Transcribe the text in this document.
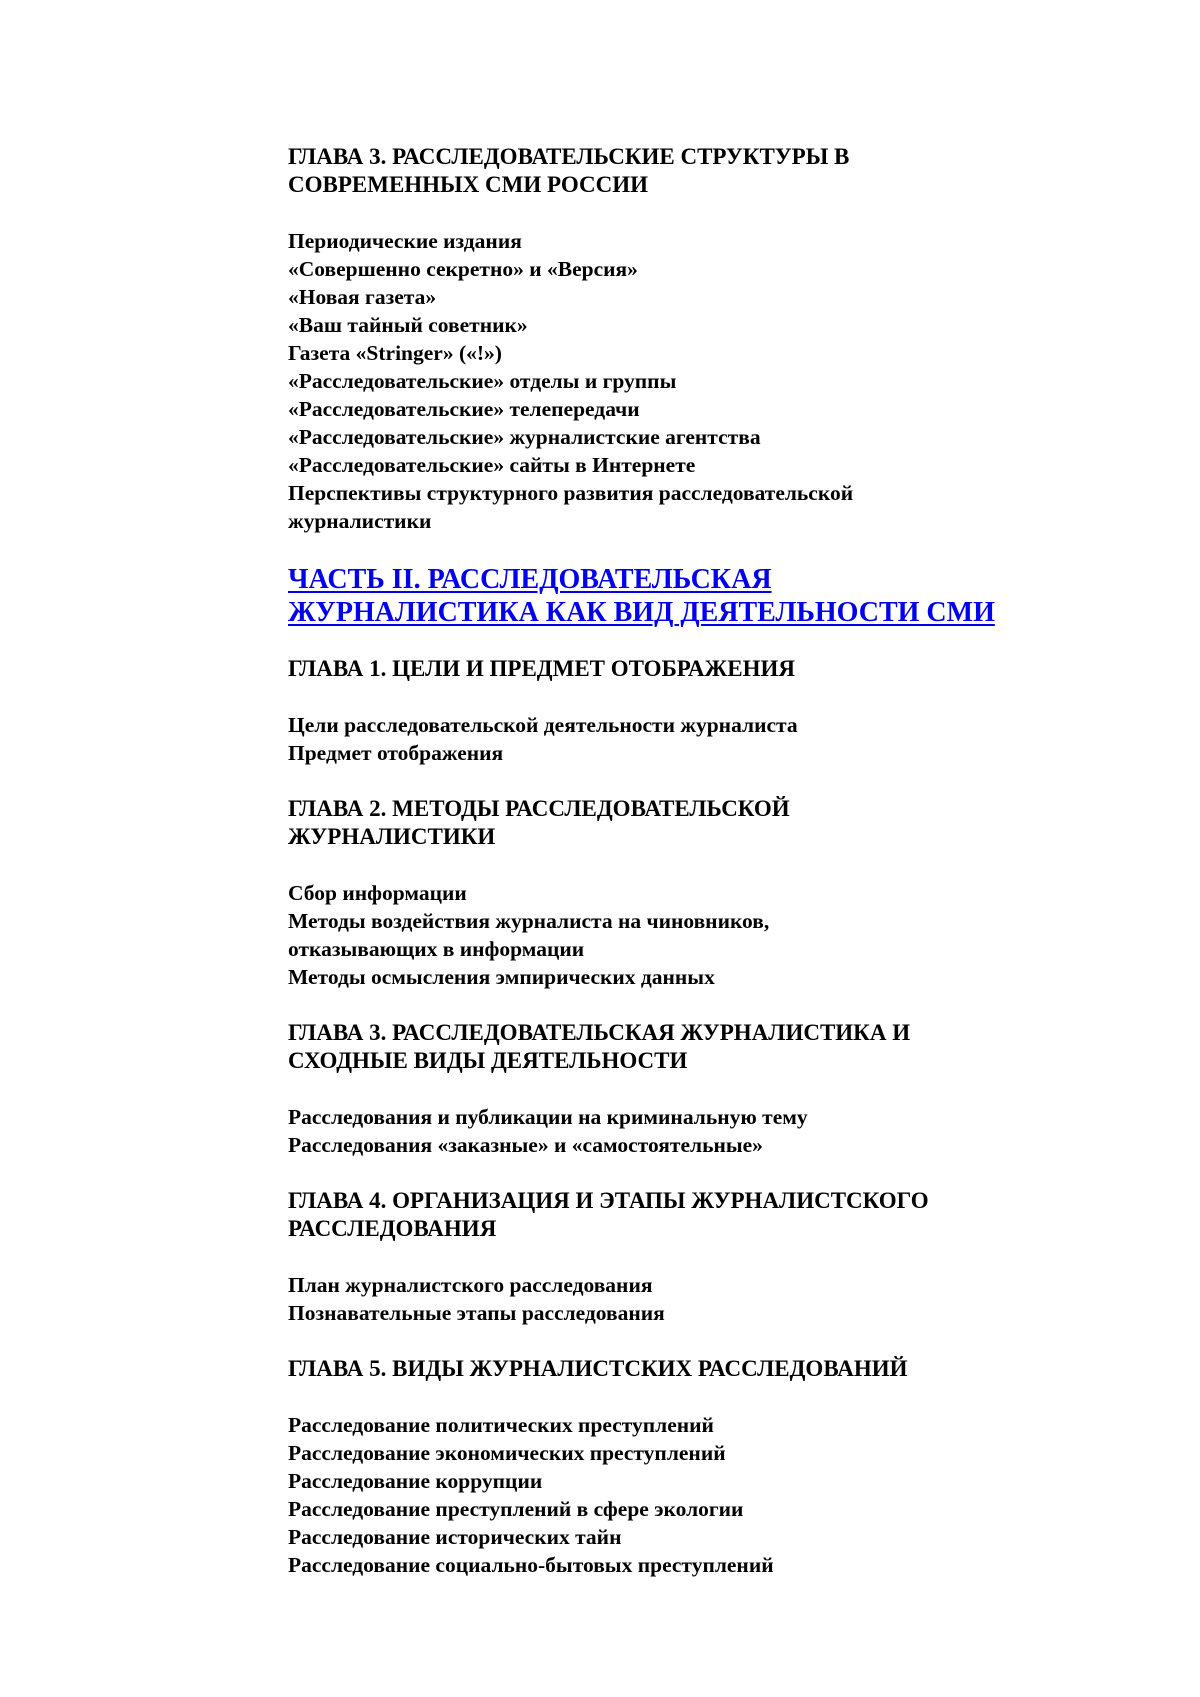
ГЛАВА 3. РАССЛЕДОВАТЕЛЬСКИЕ СТРУКТУРЫ В

СОВРЕМЕННЫХ СМИ РОССИИ

Периодические издания

«Совершенно секретно» и «Версия»

«Новая газета»

«Ваш тайный советник»

Газета «Stringer» («!»)

«Расследовательские» отделы и группы

«Расследовательские» телепередачи

«Расследовательские» журналистские агентства

«Расследовательские» сайты в Интернете

Перспективы структурного развития расследовательской

журналистики

ЧАСТЬ II. РАССЛЕДОВАТЕЛЬСКАЯ

ЖУРНАЛИСТИКА КАК ВИД ДЕЯТЕЛЬНОСТИ СМИ

ГЛАВА 1. ЦЕЛИ И ПРЕДМЕТ ОТОБРАЖЕНИЯ

Цели расследовательской деятельности журналиста

Предмет отображения

ГЛАВА 2. МЕТОДЫ РАССЛЕДОВАТЕЛЬСКОЙ

ЖУРНАЛИСТИКИ

Сбор информации

Методы воздействия журналиста на чиновников,

отказывающих в информации

Методы осмысления эмпирических данных

ГЛАВА 3. РАССЛЕДОВАТЕЛЬСКАЯ ЖУРНАЛИСТИКА И

СХОДНЫЕ ВИДЫ ДЕЯТЕЛЬНОСТИ

Расследования и публикации на криминальную тему

Расследования «заказные» и «самостоятельные»

ГЛАВА 4. ОРГАНИЗАЦИЯ И ЭТАПЫ ЖУРНАЛИСТСКОГО

РАССЛЕДОВАНИЯ

План журналистского расследования

Познавательные этапы расследования

ГЛАВА 5. ВИДЫ ЖУРНАЛИСТСКИХ РАССЛЕДОВАНИЙ

Расследование политических преступлений

Расследование экономических преступлений

Расследование коррупции

Расследование преступлений в сфере экологии

Расследование исторических тайн

Расследование социально-бытовых преступлений
